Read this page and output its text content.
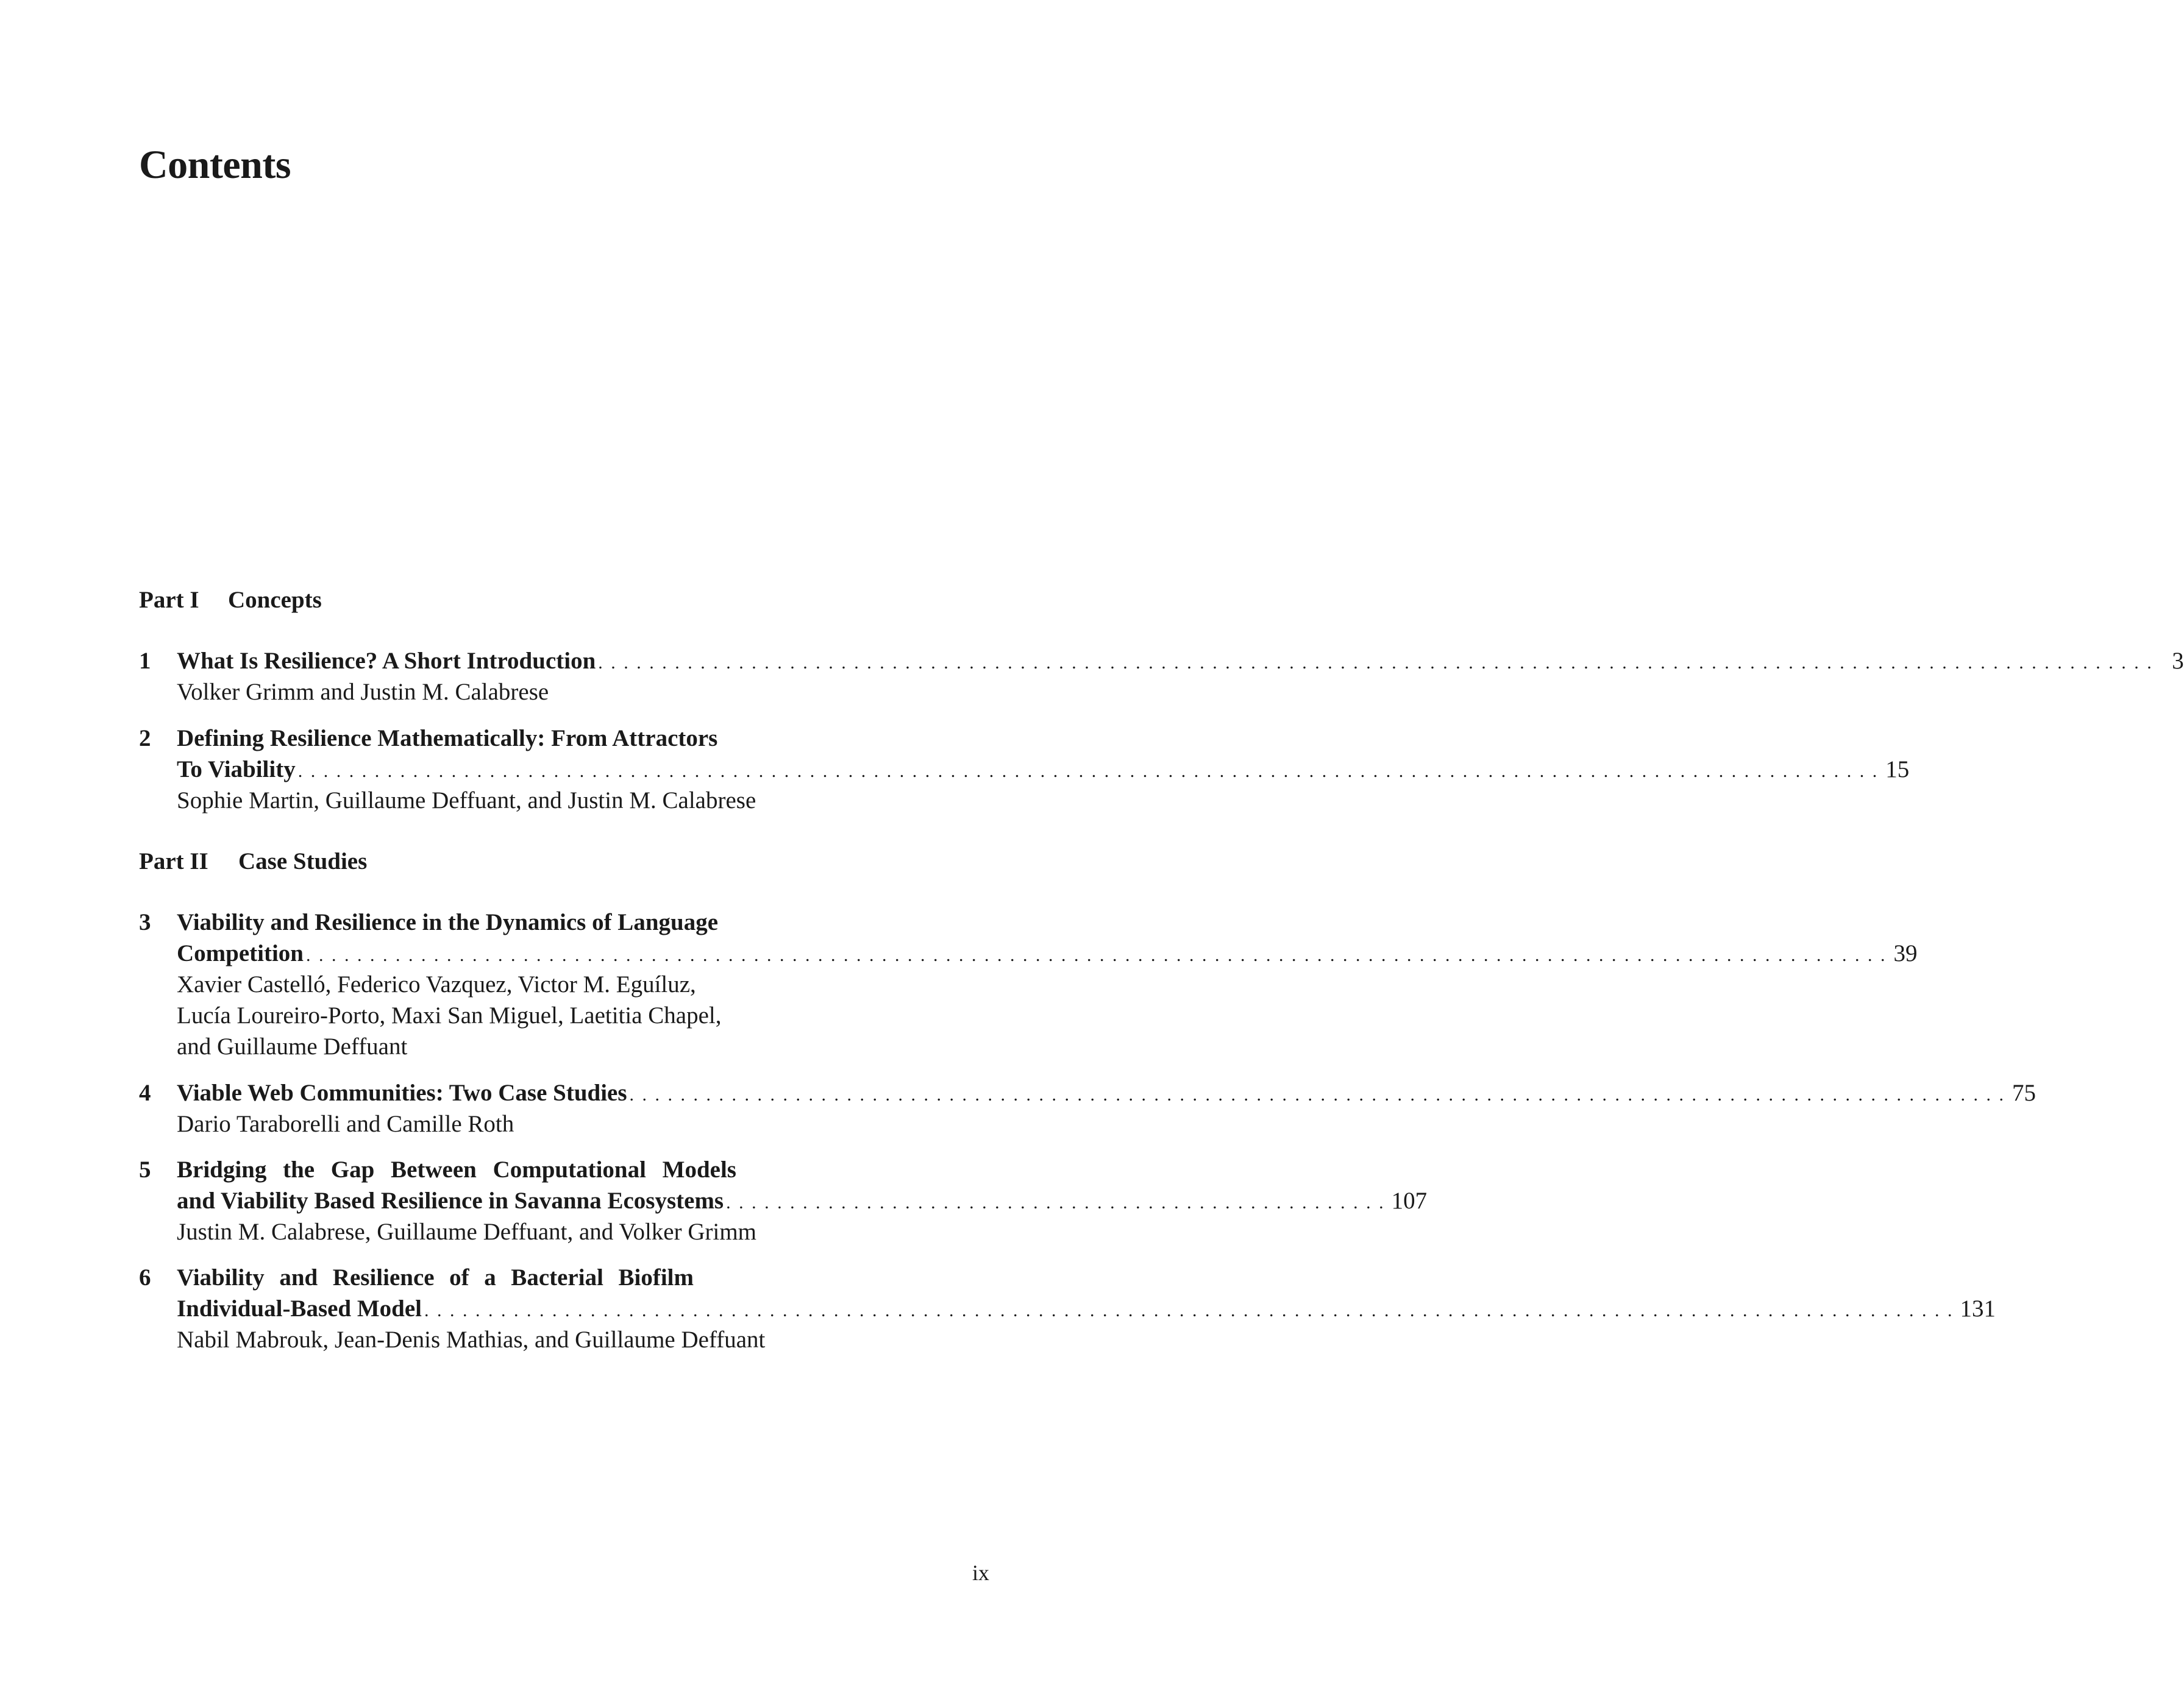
Contents
Part I Concepts
1 What Is Resilience? A Short Introduction . . . . . . . . . . . . . . . . . . . . . . . . . . . . . . . . . . . . . . . . . . . . . . . . . . . . . . . . . . . . . . . . . . . . . . . . . . . . . . . . . . . . . . . . . . . . . . . . . . . . . . . . . . . . . . . . . . . . . . . . . . 3
Volker Grimm and Justin M. Calabrese
2 Defining Resilience Mathematically: From Attractors
To Viability . . . . . . . . . . . . . . . . . . . . . . . . . . . . . . . . . . . . . . . . . . . . . . . . . . . . . . . . . . . . . . . . . . . . . . . . . . . . . . . . . . . . . . . . . . . . . . . . . . . . . . . . . . . . . . . . . . . . . . . . . . . . 15
Sophie Martin, Guillaume Deffuant, and Justin M. Calabrese
Part II Case Studies
3 Viability and Resilience in the Dynamics of Language
Competition . . . . . . . . . . . . . . . . . . . . . . . . . . . . . . . . . . . . . . . . . . . . . . . . . . . . . . . . . . . . . . . . . . . . . . . . . . . . . . . . . . . . . . . . . . . . . . . . . . . . . . . . . . . . . . . . . . . . . . . . . . . . 39
Xavier Castelló, Federico Vazquez, Victor M. Eguíluz,
Lucía Loureiro-Porto, Maxi San Miguel, Laetitia Chapel,
and Guillaume Deffuant
4 Viable Web Communities: Two Case Studies . . . . . . . . . . . . . . . . . . . . . . . . . . . . . . . . . . . . . . . . . . . . . . . . . . . . . . . . . . . . . . . . . . . . . . . . . . . . . . . . . . . . . . . . . . . . . . . . . . . . . . . . . . . . 75
Dario Taraborelli and Camille Roth
5 Bridging the Gap Between Computational Models
and Viability Based Resilience in Savanna Ecosystems . . . . . . . . . . . . . . . . . . . . . . . . . . . . . . . . . . . . . . . . . . . . . . . . . . . . 107
Justin M. Calabrese, Guillaume Deffuant, and Volker Grimm
6 Viability and Resilience of a Bacterial Biofilm
Individual-Based Model . . . . . . . . . . . . . . . . . . . . . . . . . . . . . . . . . . . . . . . . . . . . . . . . . . . . . . . . . . . . . . . . . . . . . . . . . . . . . . . . . . . . . . . . . . . . . . . . . . . . . . . . . . . . . . . . . . . . . . . . 131
Nabil Mabrouk, Jean-Denis Mathias, and Guillaume Deffuant
ix
